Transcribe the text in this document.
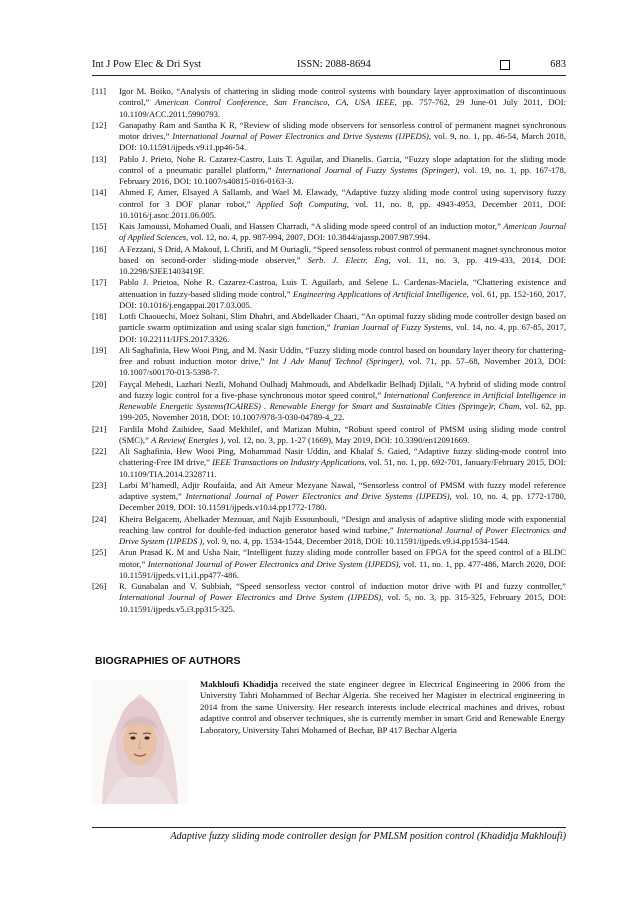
Int J Pow Elec & Dri Syst	ISSN: 2088-8694	683
[11]	Igor M. Boiko, “Analysis of chattering in sliding mode control systems with boundary layer approximation of discontinuous control,” American Control Conference, San Francisco, CA, USA IEEE, pp. 757-762, 29 June-01 July 2011, DOI: 10.1109/ACC.2011.5990793.
[12]	Ganapathy Ram and Santha K R, “Review of sliding mode observers for sensorless control of permanent magnet synchronous motor drives,” International Journal of Power Electronics and Drive Systems (IJPEDS), vol. 9, no. 1, pp. 46-54, March 2018, DOI: 10.11591/ijpeds.v9.i1.pp46-54.
[13]	Pablo J. Prieto, Nohe R. Cazarez-Castro, Luis T. Aguilar, and Dianelis. Garcia, “Fuzzy slope adaptation for the sliding mode control of a pneumatic parallel platform,” International Journal of Fuzzy Systems (Springer), vol. 19, no. 1, pp. 167-178, February 2016, DOI: 10.1007/s40815-016-0163-3.
[14]	Ahmed F, Amer, Elsayed A Sallamb, and Wael M. Elawady, “Adaptive fuzzy sliding mode control using supervisory fuzzy control for 3 DOF planar robot,” Applied Soft Computing, vol. 11, no. 8, pp. 4943-4953, December 2011, DOI: 10.1016/j.asoc.2011.06.005.
[15]	Kais Jamoussi, Mohamed Ouali, and Hassen Charradi, “A sliding mode speed control of an induction motor,” American Journal of Applied Sciences, vol. 12, no. 4, pp. 987-994, 2007, DOI: 10.3844/ajassp.2007.987.994.
[16]	A Fezzani, S Drid, A Makouf, L Chrifi, and M Ouriagli, “Speed sensoless robust control of permanent magnet synchronous motor based on second-order sliding-mode observer,” Serb. J. Electr. Eng, vol. 11, no. 3, pp. 419-433, 2014, DOI: 10.2298/SJEE1403419F.
[17]	Pablo J. Prietoa, Nohe R. Cazarez-Castroa, Luis T. Aguilarb, and Selene L. Cardenas-Maciela, “Chattering existence and attenuation in fuzzy-based sliding mode control,” Engineering Applications of Artificial Intelligence, vol. 61, pp. 152-160, 2017, DOI: 10.1016/j.engappai.2017.03.005.
[18]	Lotfi Chaouechi, Moez Soltani, Slim Dhahri, and Abdelkader Chaari, “An optimal fuzzy sliding mode controller design based on particle swarm optimization and using scalar sign function,” Iranian Journal of Fuzzy Systems, vol. 14, no. 4, pp. 67-85, 2017, DOI: 10.22111/IJFS.2017.3326.
[19]	Ali Saghafinia, Hew Wooi Ping, and M. Nasir Uddin, “Fuzzy sliding mode control based on boundary layer theory for chattering-free and robust induction motor drive,” Int J Adv Manuf Technol (Springer), vol. 71, pp. 57–68, November 2013, DOI: 10.1007/s00170-013-5398-7.
[20]	Fayçal Mehedi, Lazhari Nezli, Mohand Oulhadj Mahmoudi, and Abdelkadir Belhadj Djilali, “A hybrid of sliding mode control and fuzzy logic control for a five-phase synchronous motor speed control,” International Conference in Artificial Intelligence in Renewable Energetic Systems(ICAIRES) . Renewable Energy for Smart and Sustainable Cities (Springe)r, Cham, vol. 62, pp. 199-205, November 2018, DOI: 10.1007/978-3-030-04789-4_22.
[21]	Fardila Mohd Zaihidee, Saad Mekhilef, and Marizan Mubin, “Robust speed control of PMSM using sliding mode control (SMC),” A Review( Energies ), vol. 12, no. 3, pp. 1-27 (1669), May 2019, DOI: 10.3390/en12091669.
[22]	Ali Saghafinia, Hew Wooi Ping, Mohammad Nasir Uddin, and Khalaf S. Gaied, “Adaptive fuzzy sliding-mode control into chattering-Free IM drive,” IEEE Transactions on Industry Applications, vol. 51, no. 1, pp. 692-701, January/February 2015, DOI: 10.1109/TIA.2014.2328711.
[23]	Larbi M’hamedl, Adjir Roufaida, and Ait Ameur Mezyane Nawal, “Sensorless control of PMSM with fuzzy model reference adaptive system,” International Journal of Power Electronics and Drive Systems (IJPEDS), vol. 10, no. 4, pp. 1772-1780, December 2019, DOI: 10.11591/ijpeds.v10.i4.pp1772-1780.
[24]	Kheira Belgacem, Abelkader Mezouar, and Najib Essounbouli, “Design and analysis of adaptive sliding mode with exponential reaching law control for double-fed induction generator based wind turbine,” International Journal of Power Electronics and Drive System (IJPEDS ), vol. 9, no. 4, pp. 1534-1544, December 2018, DOI: 10.11591/ijpeds.v9.i4.pp1534-1544.
[25]	Arun Prasad K. M and Usha Nair, “Intelligent fuzzy sliding mode controller based on FPGA for the speed control of a BLDC motor,” International Journal of Power Electronics and Drive System (IJPEDS), vol. 11, no. 1, pp. 477-486, March 2020, DOI: 10.11591/ijpeds.v11.i1.pp477-486.
[26]	R. Gunabalan and V. Subbiah, “Speed sensorless vector control of induction motor drive with PI and fuzzy controller,” International Journal of Power Electronics and Drive System (IJPEDS), vol. 5, no. 3, pp. 315-325, February 2015, DOI: 10.11591/ijpeds.v5.i3.pp315-325.
BIOGRAPHIES OF AUTHORS
Makhloufi Khadidja received the state engineer degree in Electrical Engineering in 2006 from the University Tahri Mohammed of Bechar Algeria. She received her Magister in electrical engineering in 2014 from the same University. Her research interests include electrical machines and drives, robust adaptive control and observer techniques, she is currently member in smart Grid and Renewable Energy Laboratory, University Tahri Mohamed of Bechar, BP 417 Bechar Algeria
Adaptive fuzzy sliding mode controller design for PMLSM position control (Khadidja Makhloufi)
